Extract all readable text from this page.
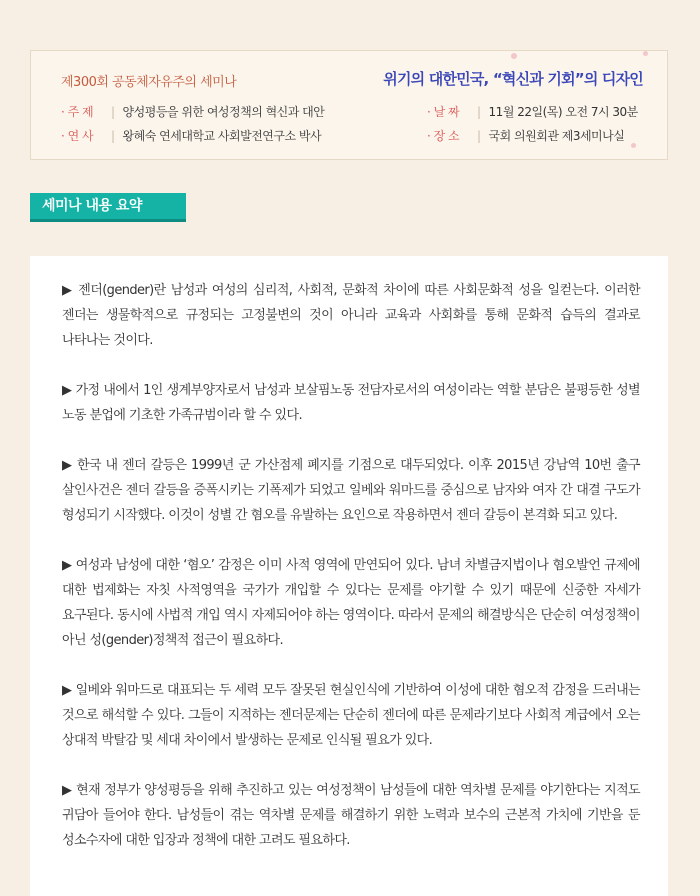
제300회 공동체자유주의 세미나	위기의 대한민국, “혁신과 기회”의 디자인
· 주 제	| 양성평등을 위한 여성정책의 혁신과 대안
· 연 사	| 왕혜숙 연세대학교 사회발전연구소 박사
· 날 짜	| 11월 22일(목) 오전 7시 30분
· 장 소	| 국회 의원회관 제3세미나실
세미나 내용 요약

▶ 젠더(gender)란 남성과 여성의 심리적, 사회적, 문화적 차이에 따른 사회문화적 성을 일컫는다. 이러한 젠더는 생물학적으로 규정되는 고정불변의 것이 아니라 교육과 사회화를 통해 문화적 습득의 결과로 나타나는 것이다.

▶ 가정 내에서 1인 생계부양자로서 남성과 보살핌노동 전담자로서의 여성이라는 역할 분담은 불평등한 성별 노동 분업에 기초한 가족규범이라 할 수 있다.

▶ 한국 내 젠더 갈등은 1999년 군 가산점제 폐지를 기점으로 대두되었다. 이후 2015년 강남역 10번 출구 살인사건은 젠더 갈등을 증폭시키는 기폭제가 되었고 일베와 워마드를 중심으로 남자와 여자 간 대결 구도가 형성되기 시작했다. 이것이 성별 간 혐오를 유발하는 요인으로 작용하면서 젠더 갈등이 본격화 되고 있다.

▶ 여성과 남성에 대한 ‘혐오’ 감정은 이미 사적 영역에 만연되어 있다. 남녀 차별금지법이나 혐오발언 규제에 대한 법제화는 자칫 사적영역을 국가가 개입할 수 있다는 문제를 야기할 수 있기 때문에 신중한 자세가 요구된다. 동시에 사법적 개입 역시 자제되어야 하는 영역이다. 따라서 문제의 해결방식은 단순히 여성정책이 아닌 성(gender)정책적 접근이 필요하다.

▶ 일베와 워마드로 대표되는 두 세력 모두 잘못된 현실인식에 기반하여 이성에 대한 혐오적 감정을 드러내는 것으로 해석할 수 있다. 그들이 지적하는 젠더문제는 단순히 젠더에 따른 문제라기보다 사회적 계급에서 오는 상대적 박탈감 및 세대 차이에서 발생하는 문제로 인식될 필요가 있다.

▶ 현재 정부가 양성평등을 위해 추진하고 있는 여성정책이 남성들에 대한 역차별 문제를 야기한다는 지적도 귀담아 들어야 한다. 남성들이 겪는 역차별 문제를 해결하기 위한 노력과 보수의 근본적 가치에 기반을 둔 성소수자에 대한 입장과 정책에 대한 고려도 필요하다.
